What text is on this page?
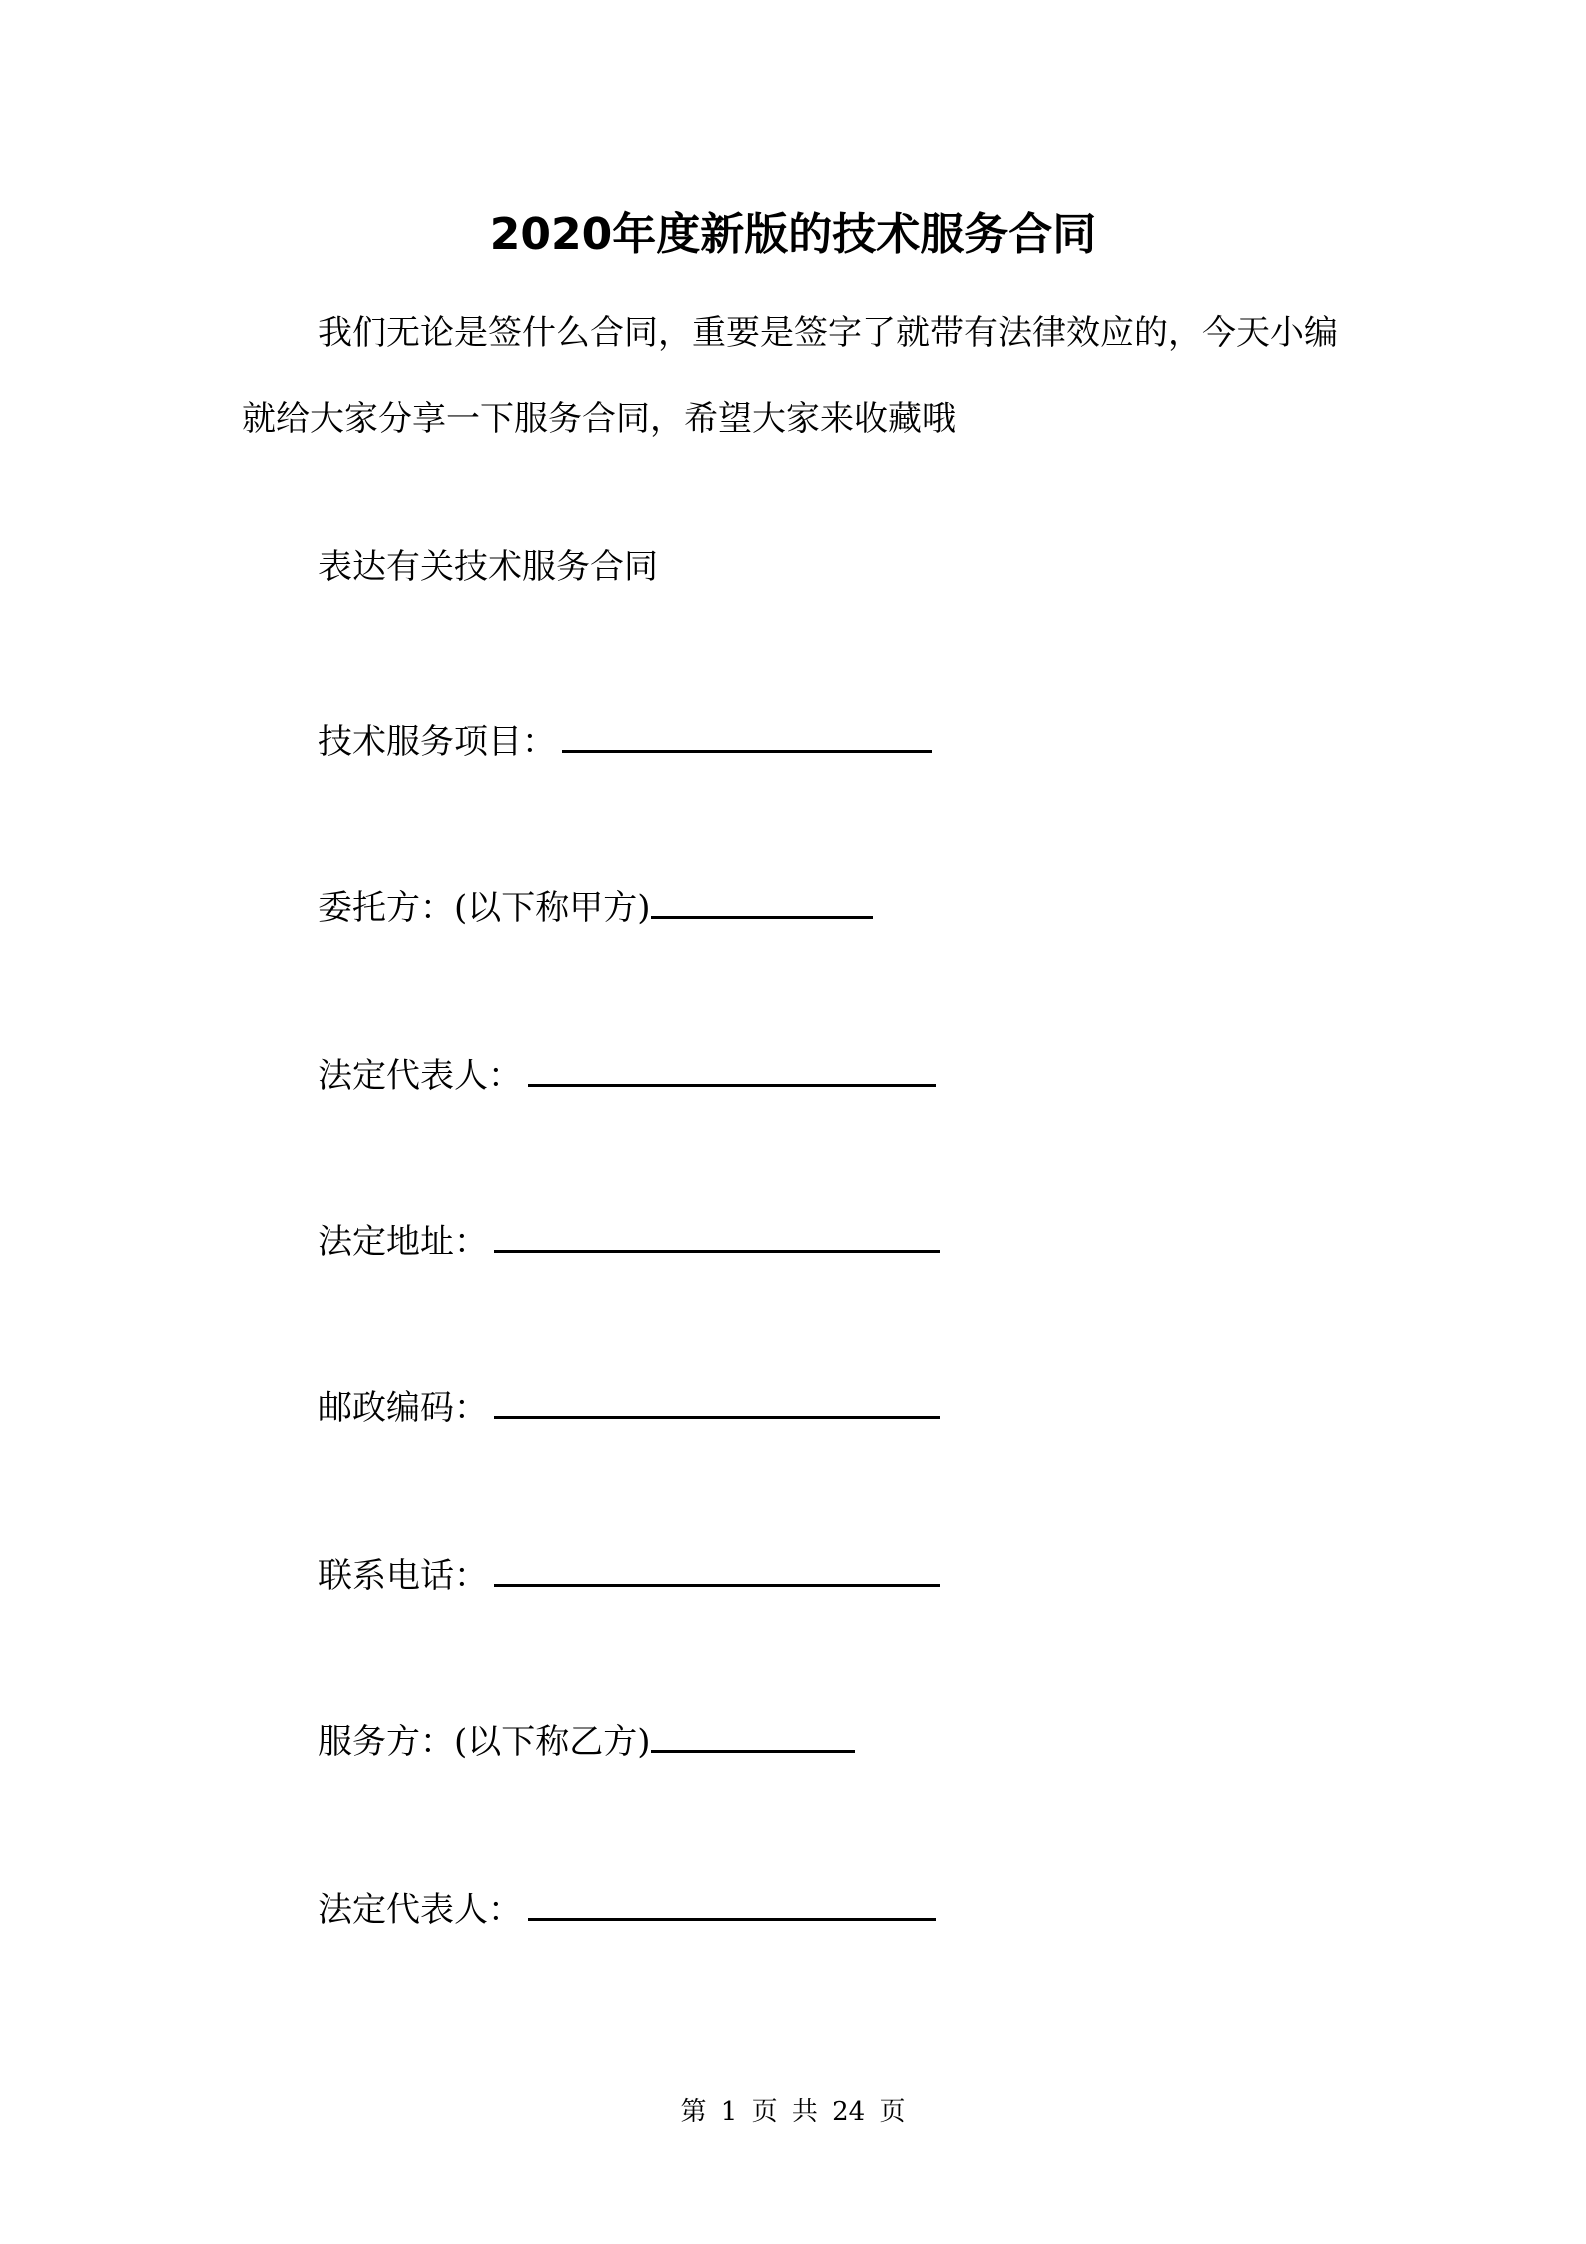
2020年度新版的技术服务合同

我们无论是签什么合同，重要是签字了就带有法律效应的，今天小编就给大家分享一下服务合同，希望大家来收藏哦

表达有关技术服务合同
技术服务项目：
委托方：(以下称甲方)
法定代表人：
法定地址：
邮政编码：
联系电话：
服务方：(以下称乙方)
法定代表人：
第 1 页 共 24 页
